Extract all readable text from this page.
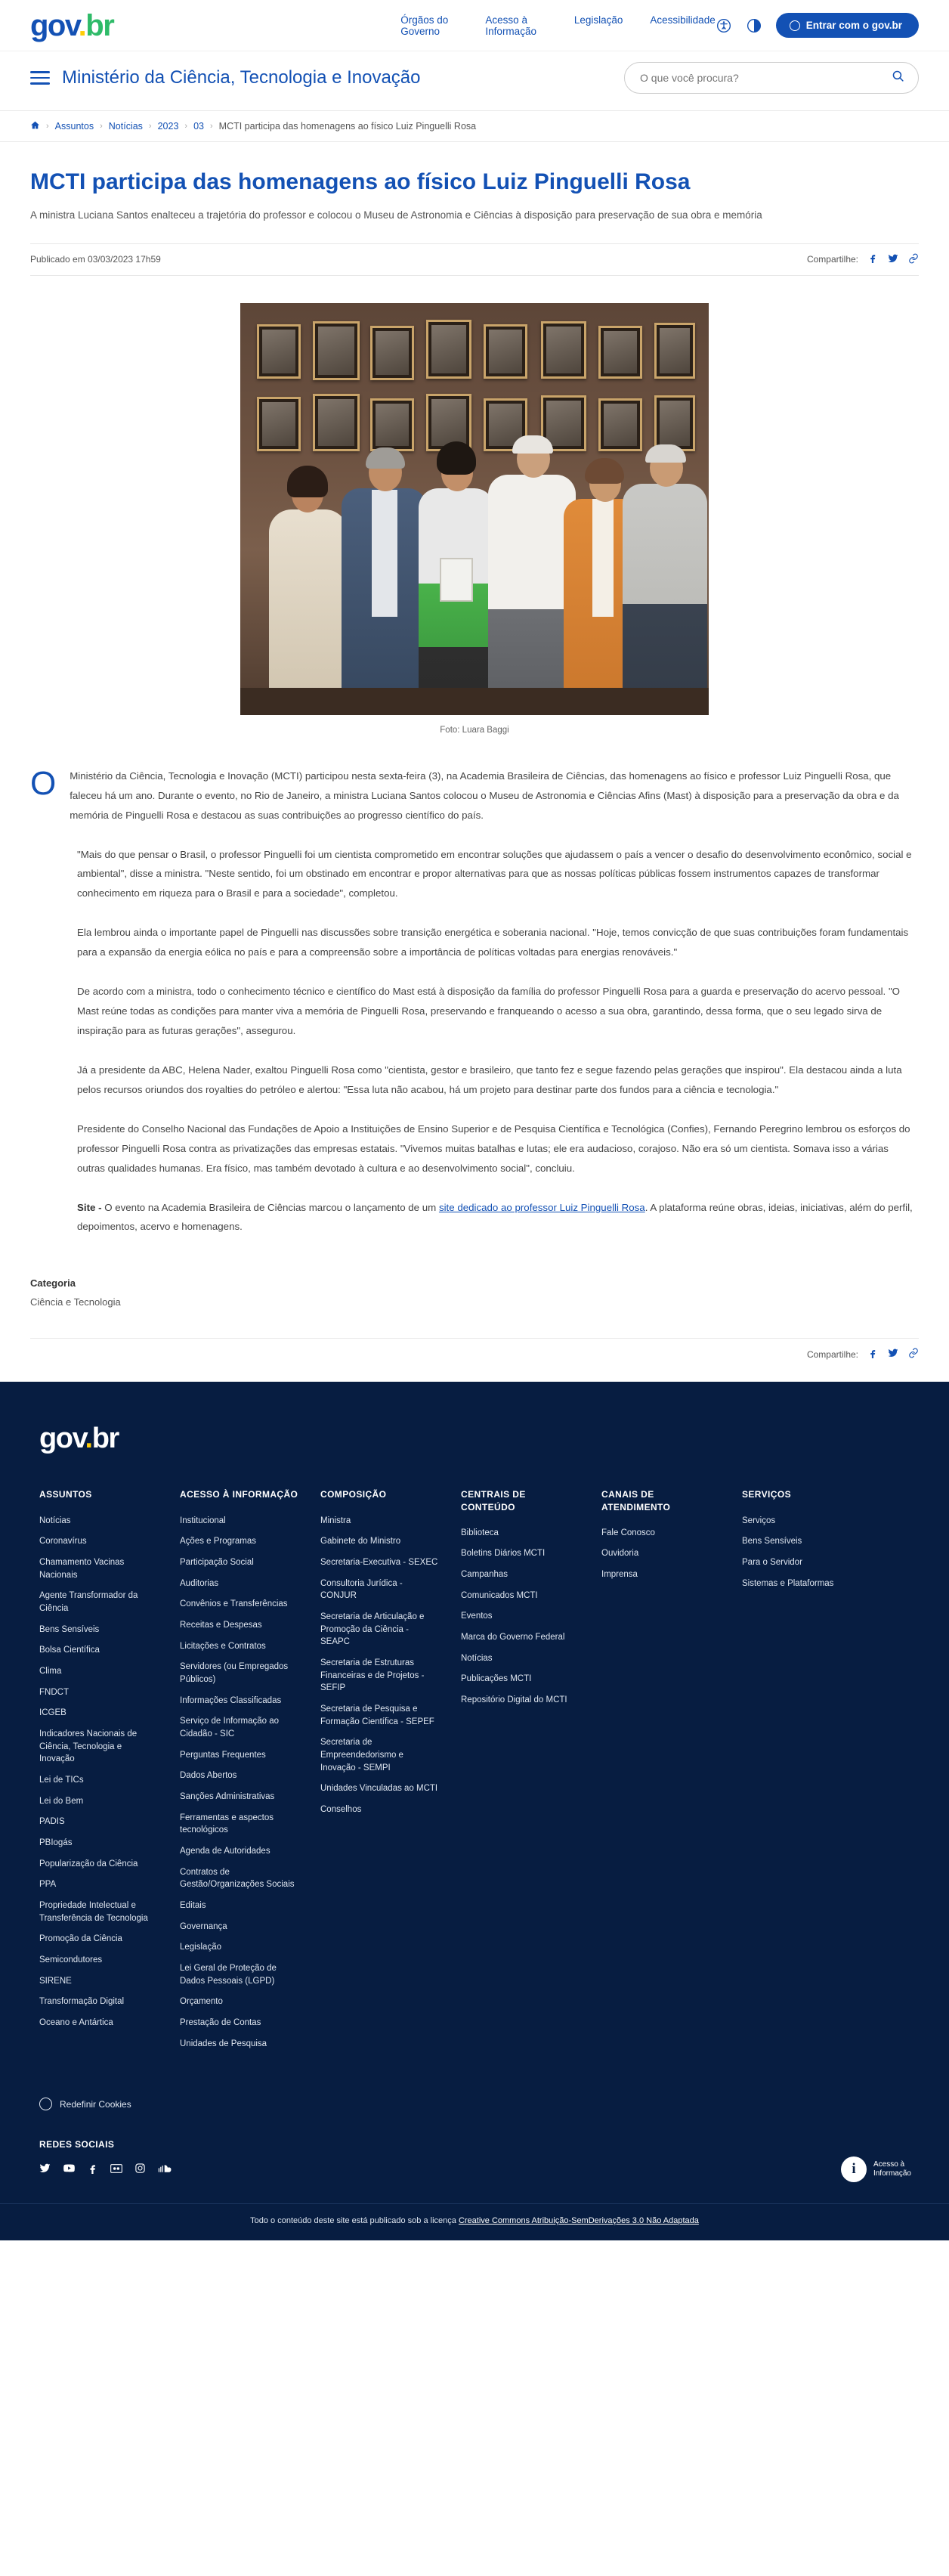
gov.br	Órgãos do Governo
Acesso à Informação
Legislação	Acessibilidade	Entrar com o gov.br
Ministério da Ciência, Tecnologia e Inovação
O que você procura?
› Assuntos › Notícias › 2023 › 03 › MCTI participa das homenagens ao físico Luiz Pinguelli Rosa
MCTI participa das homenagens ao físico Luiz Pinguelli Rosa
A ministra Luciana Santos enalteceu a trajetória do professor e colocou o Museu de Astronomia e Ciências à disposição para preservação de sua obra e memória
Publicado em 03/03/2023 17h59	Compartilhe:
Foto: Luara Baggi
O Ministério da Ciência, Tecnologia e Inovação (MCTI) participou nesta sexta-feira (3), na Academia Brasileira de Ciências, das homenagens ao físico e professor Luiz Pinguelli Rosa, que faleceu há um ano. Durante o evento, no Rio de Janeiro, a ministra Luciana Santos colocou o Museu de Astronomia e Ciências Afins (Mast) à disposição para a preservação da obra e da memória de Pinguelli Rosa e destacou as suas contribuições ao progresso científico do país.

"Mais do que pensar o Brasil, o professor Pinguelli foi um cientista comprometido em encontrar soluções que ajudassem o país a vencer o desafio do desenvolvimento econômico, social e ambiental", disse a ministra. "Neste sentido, foi um obstinado em encontrar e propor alternativas para que as nossas políticas públicas fossem instrumentos capazes de transformar conhecimento em riqueza para o Brasil e para a sociedade", completou.

Ela lembrou ainda o importante papel de Pinguelli nas discussões sobre transição energética e soberania nacional. "Hoje, temos convicção de que suas contribuições foram fundamentais para a expansão da energia eólica no país e para a compreensão sobre a importância de políticas voltadas para energias renováveis."

De acordo com a ministra, todo o conhecimento técnico e científico do Mast está à disposição da família do professor Pinguelli Rosa para a guarda e preservação do acervo pessoal. "O Mast reúne todas as condições para manter viva a memória de Pinguelli Rosa, preservando e franqueando o acesso a sua obra, garantindo, dessa forma, que o seu legado sirva de inspiração para as futuras gerações", assegurou.

Já a presidente da ABC, Helena Nader, exaltou Pinguelli Rosa como "cientista, gestor e brasileiro, que tanto fez e segue fazendo pelas gerações que inspirou". Ela destacou ainda a luta pelos recursos oriundos dos royalties do petróleo e alertou: "Essa luta não acabou, há um projeto para destinar parte dos fundos para a ciência e tecnologia."

Presidente do Conselho Nacional das Fundações de Apoio a Instituições de Ensino Superior e de Pesquisa Científica e Tecnológica (Confies), Fernando Peregrino lembrou os esforços do professor Pinguelli Rosa contra as privatizações das empresas estatais. "Vivemos muitas batalhas e lutas; ele era audacioso, corajoso. Não era só um cientista. Somava isso a várias outras qualidades humanas. Era físico, mas também devotado à cultura e ao desenvolvimento social", concluiu.

Site - O evento na Academia Brasileira de Ciências marcou o lançamento de um site dedicado ao professor Luiz Pinguelli Rosa. A plataforma reúne obras, ideias, iniciativas, além do perfil, depoimentos, acervo e homenagens.

Categoria
Ciência e Tecnologia
Compartilhe:
gov.br
ASSUNTOS
Notícias
Coronavírus
Chamamento Vacinas Nacionais
Agente Transformador da Ciência
Bens Sensíveis
Bolsa Científica
Clima
FNDCT
ICGEB
Indicadores Nacionais de Ciência, Tecnologia e Inovação
Lei de TICs
Lei do Bem
PADIS
PBIogás
Popularização da Ciência
PPA
Propriedade Intelectual e Transferência de Tecnologia
Promoção da Ciência
Semicondutores
SIRENE
Transformação Digital
Oceano e Antártica
ACESSO À INFORMAÇÃO
Institucional
Ações e Programas
Participação Social
Auditorias
Convênios e Transferências
Receitas e Despesas
Licitações e Contratos
Servidores (ou Empregados Públicos)
Informações Classificadas
Serviço de Informação ao Cidadão - SIC
Perguntas Frequentes
Dados Abertos
Sanções Administrativas
Ferramentas e aspectos tecnológicos
Agenda de Autoridades
Contratos de Gestão/Organizações Sociais
Editais
Governança
Legislação
Lei Geral de Proteção de Dados Pessoais (LGPD)
Orçamento
Prestação de Contas
Unidades de Pesquisa
COMPOSIÇÃO
Ministra
Gabinete do Ministro
Secretaria-Executiva - SEXEC
Consultoria Jurídica - CONJUR
Secretaria de Articulação e Promoção da Ciência - SEAPC
Secretaria de Estruturas Financeiras e de Projetos - SEFIP
Secretaria de Pesquisa e Formação Científica - SEPEF
Secretaria de Empreendedorismo e Inovação - SEMPI
Unidades Vinculadas ao MCTI
Conselhos
CENTRAIS DE CONTEÚDO
Biblioteca
Boletins Diários MCTI
Campanhas
Comunicados MCTI
Eventos
Marca do Governo Federal
Notícias
Publicações MCTI
Repositório Digital do MCTI
CANAIS DE ATENDIMENTO
Fale Conosco
Ouvidoria
Imprensa
SERVIÇOS
Serviços
Bens Sensíveis
Para o Servidor
Sistemas e Plataformas
Redefinir Cookies
REDES SOCIAIS
i	Acesso à
Informação
Todo o conteúdo deste site está publicado sob a licença Creative Commons Atribuição-SemDerivações 3.0 Não Adaptada
